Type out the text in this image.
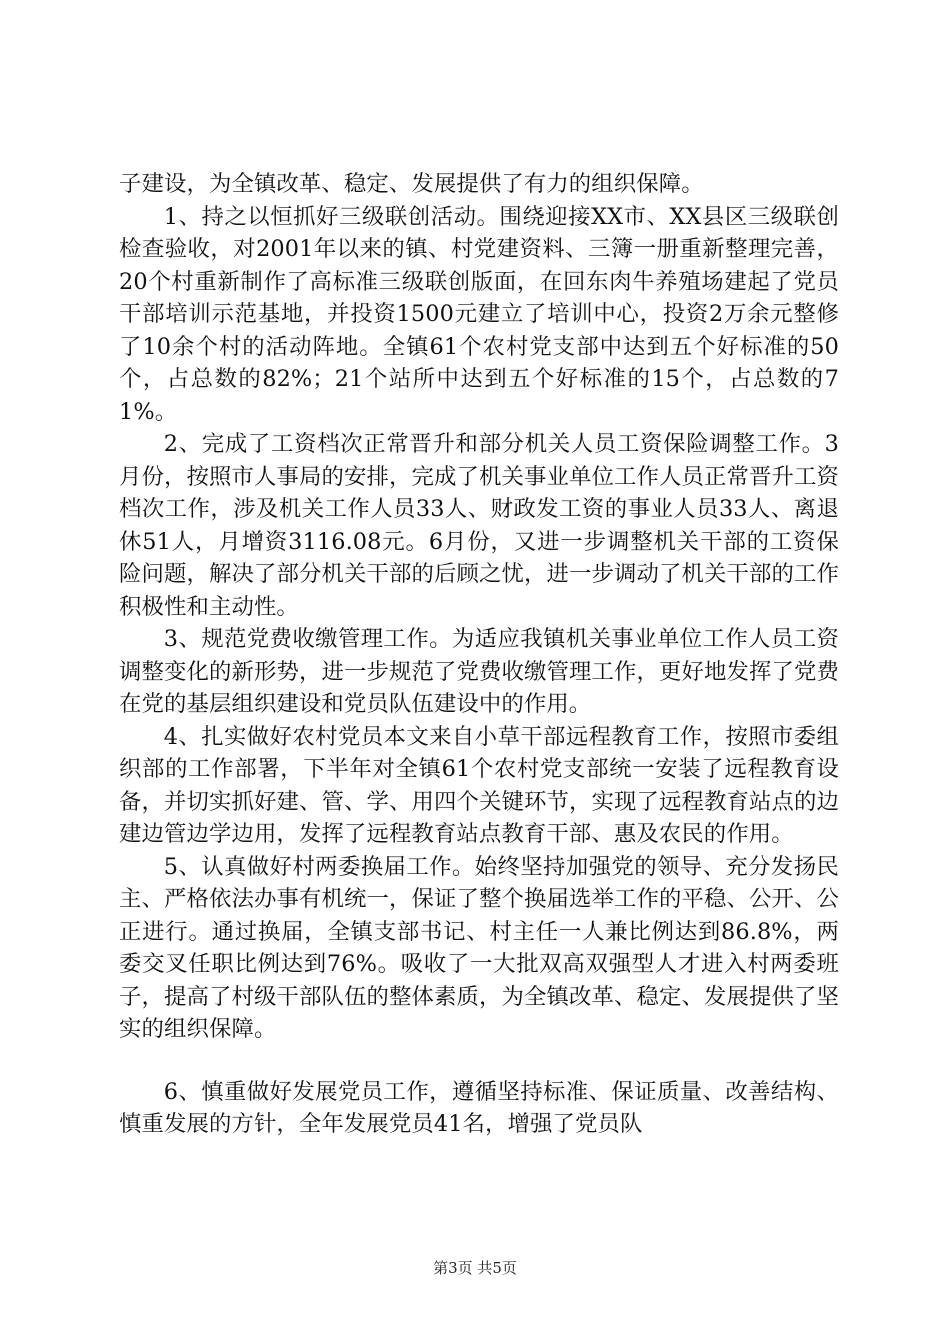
子建设，为全镇改革、稳定、发展提供了有力的组织保障。

1、持之以恒抓好三级联创活动。围绕迎接XX市、XX县区三级联创检查验收，对2001年以来的镇、村党建资料、三簿一册重新整理完善，20个村重新制作了高标准三级联创版面，在回东肉牛养殖场建起了党员干部培训示范基地，并投资1500元建立了培训中心，投资2万余元整修了10余个村的活动阵地。全镇61个农村党支部中达到五个好标准的50个，占总数的82%；21个站所中达到五个好标准的15个，占总数的71%。

2、完成了工资档次正常晋升和部分机关人员工资保险调整工作。3月份，按照市人事局的安排，完成了机关事业单位工作人员正常晋升工资档次工作，涉及机关工作人员33人、财政发工资的事业人员33人、离退休51人，月增资3116.08元。6月份，又进一步调整机关干部的工资保险问题，解决了部分机关干部的后顾之忧，进一步调动了机关干部的工作积极性和主动性。

3、规范党费收缴管理工作。为适应我镇机关事业单位工作人员工资调整变化的新形势，进一步规范了党费收缴管理工作，更好地发挥了党费在党的基层组织建设和党员队伍建设中的作用。

4、扎实做好农村党员本文来自小草干部远程教育工作，按照市委组织部的工作部署，下半年对全镇61个农村党支部统一安装了远程教育设备，并切实抓好建、管、学、用四个关键环节，实现了远程教育站点的边建边管边学边用，发挥了远程教育站点教育干部、惠及农民的作用。

5、认真做好村两委换届工作。始终坚持加强党的领导、充分发扬民主、严格依法办事有机统一，保证了整个换届选举工作的平稳、公开、公正进行。通过换届，全镇支部书记、村主任一人兼比例达到86.8%，两委交叉任职比例达到76%。吸收了一大批双高双强型人才进入村两委班子，提高了村级干部队伍的整体素质，为全镇改革、稳定、发展提供了坚实的组织保障。

6、慎重做好发展党员工作，遵循坚持标准、保证质量、改善结构、慎重发展的方针，全年发展党员41名，增强了党员队

第3页 共5页
